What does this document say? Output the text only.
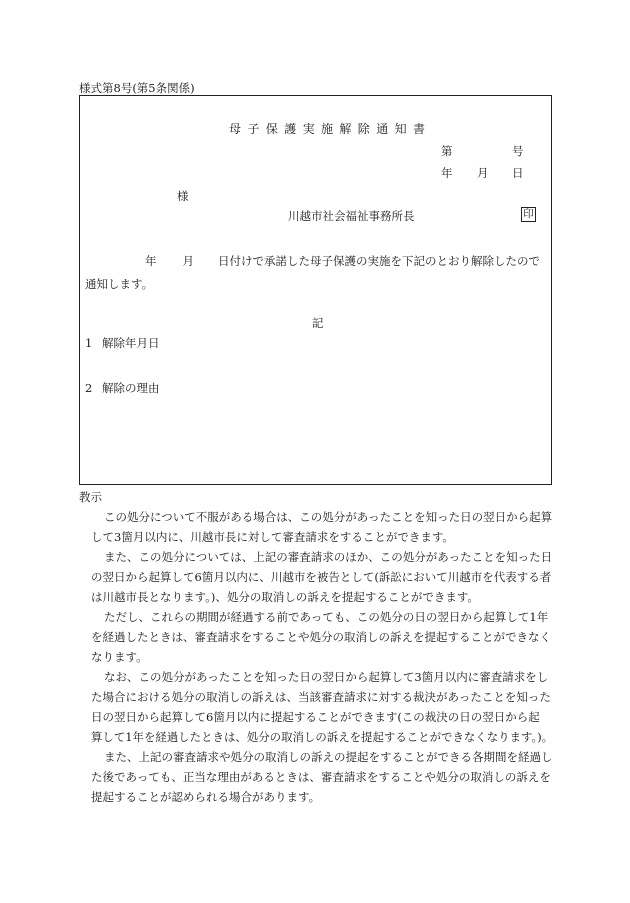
様式第8号(第5条関係)
母子保護実施解除通知書
第	号
年 月 日
様
川越市社会福祉事務所長	印
年 月 日付けで承諾した母子保護の実施を下記のとおり解除したので
通知します。
記
1 解除年月日
2 解除の理由
教示
この処分について不服がある場合は、この処分があったことを知った日の翌日から起算
して3箇月以内に、川越市長に対して審査請求をすることができます。
また、この処分については、上記の審査請求のほか、この処分があったことを知った日
の翌日から起算して6箇月以内に、川越市を被告として(訴訟において川越市を代表する者
は川越市長となります。)、処分の取消しの訴えを提起することができます。
ただし、これらの期間が経過する前であっても、この処分の日の翌日から起算して1年
を経過したときは、審査請求をすることや処分の取消しの訴えを提起することができなく
なります。
なお、この処分があったことを知った日の翌日から起算して3箇月以内に審査請求をし
た場合における処分の取消しの訴えは、当該審査請求に対する裁決があったことを知った
日の翌日から起算して6箇月以内に提起することができます(この裁決の日の翌日から起
算して1年を経過したときは、処分の取消しの訴えを提起することができなくなります。)。
また、上記の審査請求や処分の取消しの訴えの提起をすることができる各期間を経過し
た後であっても、正当な理由があるときは、審査請求をすることや処分の取消しの訴えを
提起することが認められる場合があります。
